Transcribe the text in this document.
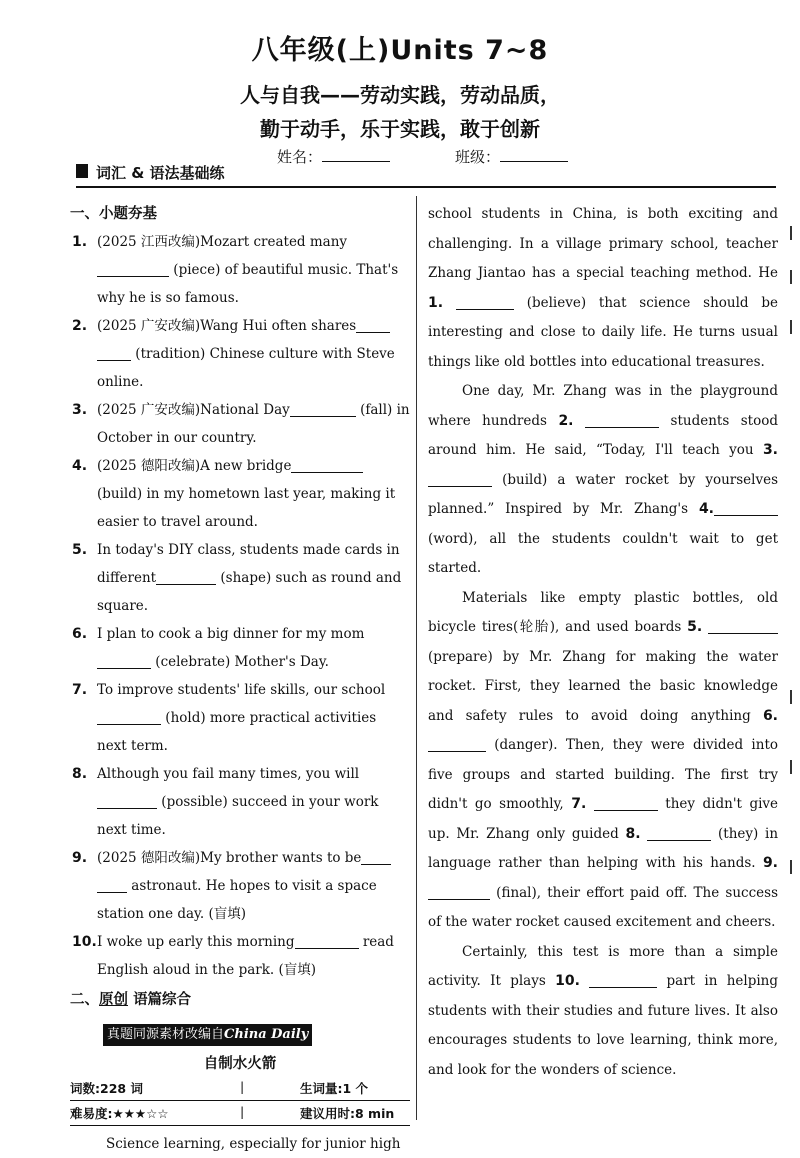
八年级(上)Units 7~8
人与自我——劳动实践，劳动品质，
勤于动手，乐于实践，敢于创新
姓名：	班级：
词汇 & 语法基础练
一、小题夯基
1. (2025 江西改编)Mozart created many (piece) of beautiful music. That's why he is so famous.
2. (2025 广安改编)Wang Hui often shares  (tradition) Chinese culture with Steve online.
3. (2025 广安改编)National Day	(fall) in October in our country.
4. (2025 德阳改编)A new bridge (build) in my hometown last year, making it easier to travel around.
5. In today's DIY class, students made cards in different	(shape) such as round and square.
6. I plan to cook a big dinner for my mom (celebrate) Mother's Day.
7. To improve students' life skills, our school  (hold) more practical activities next term.
8. Although you fail many times, you will (possible) succeed in your work next time.
9. (2025 德阳改编)My brother wants to be  astronaut. He hopes to visit a space station one day. (盲填)
10. I woke up early this morning	read English aloud in the park. (盲填)
二、原创 语篇综合
真题同源素材改编自China Daily
自制水火箭
词数:228 词	|	生词量:1 个
难易度:★★★☆☆	|	建议用时:8 min
Science learning, especially for junior high

school students in China, is both exciting and challenging. In a village primary school, teacher Zhang Jiantao has a special teaching method. He 1.	(believe) that science should be interesting and close to daily life. He turns usual things like old bottles into educational treasures.

One day, Mr. Zhang was in the playground where hundreds 2.	students stood around him. He said, “Today, I'll teach you 3. (build) a water rocket by yourselves planned.” Inspired by Mr. Zhang's 4. (word), all the students couldn't wait to get started.

Materials like empty plastic bottles, old bicycle tires(轮胎), and used boards 5.  (prepare) by Mr. Zhang for making the water rocket. First, they learned the basic knowledge and safety rules to avoid doing anything 6.  (danger). Then, they were divided into five groups and started building. The first try didn't go smoothly, 7.	they didn't give up. Mr. Zhang only guided 8.	(they) in language rather than helping with his hands. 9.  (final), their effort paid off. The success of the water rocket caused excitement and cheers.

Certainly, this test is more than a simple activity. It plays 10.	part in helping students with their studies and future lives. It also encourages students to love learning, think more, and look for the wonders of science.
